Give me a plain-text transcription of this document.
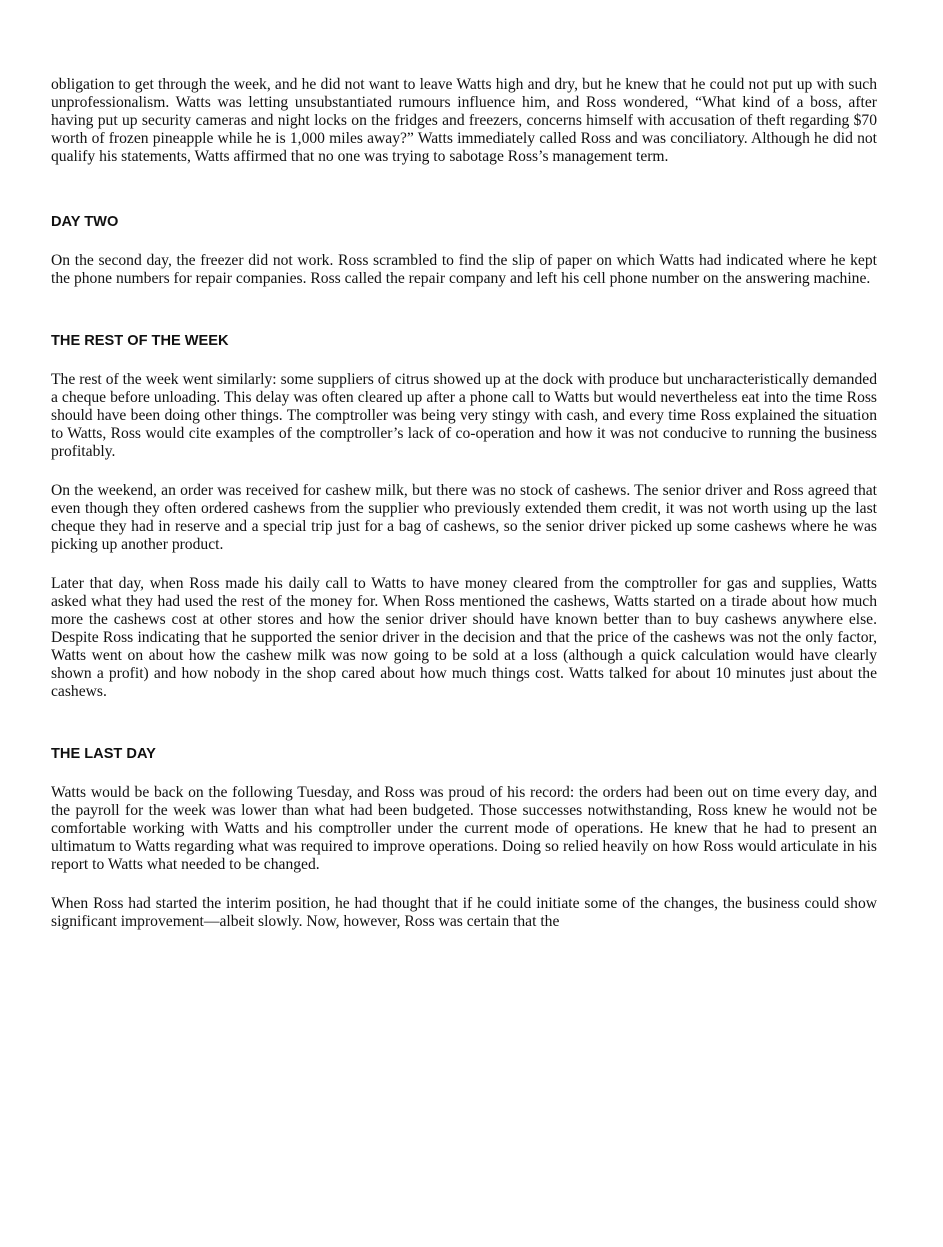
obligation to get through the week, and he did not want to leave Watts high and dry, but he knew that he could not put up with such unprofessionalism. Watts was letting unsubstantiated rumours influence him, and Ross wondered, “What kind of a boss, after having put up security cameras and night locks on the fridges and freezers, concerns himself with accusation of theft regarding $70 worth of frozen pineapple while he is 1,000 miles away?” Watts immediately called Ross and was conciliatory. Although he did not qualify his statements, Watts affirmed that no one was trying to sabotage Ross’s management term.

DAY TWO

On the second day, the freezer did not work. Ross scrambled to find the slip of paper on which Watts had indicated where he kept the phone numbers for repair companies. Ross called the repair company and left his cell phone number on the answering machine.

THE REST OF THE WEEK

The rest of the week went similarly: some suppliers of citrus showed up at the dock with produce but uncharacteristically demanded a cheque before unloading. This delay was often cleared up after a phone call to Watts but would nevertheless eat into the time Ross should have been doing other things. The comptroller was being very stingy with cash, and every time Ross explained the situation to Watts, Ross would cite examples of the comptroller’s lack of co-operation and how it was not conducive to running the business profitably.

On the weekend, an order was received for cashew milk, but there was no stock of cashews. The senior driver and Ross agreed that even though they often ordered cashews from the supplier who previously extended them credit, it was not worth using up the last cheque they had in reserve and a special trip just for a bag of cashews, so the senior driver picked up some cashews where he was picking up another product.

Later that day, when Ross made his daily call to Watts to have money cleared from the comptroller for gas and supplies, Watts asked what they had used the rest of the money for. When Ross mentioned the cashews, Watts started on a tirade about how much more the cashews cost at other stores and how the senior driver should have known better than to buy cashews anywhere else. Despite Ross indicating that he supported the senior driver in the decision and that the price of the cashews was not the only factor, Watts went on about how the cashew milk was now going to be sold at a loss (although a quick calculation would have clearly shown a profit) and how nobody in the shop cared about how much things cost. Watts talked for about 10 minutes just about the cashews.

THE LAST DAY

Watts would be back on the following Tuesday, and Ross was proud of his record: the orders had been out on time every day, and the payroll for the week was lower than what had been budgeted. Those successes notwithstanding, Ross knew he would not be comfortable working with Watts and his comptroller under the current mode of operations. He knew that he had to present an ultimatum to Watts regarding what was required to improve operations. Doing so relied heavily on how Ross would articulate in his report to Watts what needed to be changed.

When Ross had started the interim position, he had thought that if he could initiate some of the changes, the business could show significant improvement—albeit slowly. Now, however, Ross was certain that the
